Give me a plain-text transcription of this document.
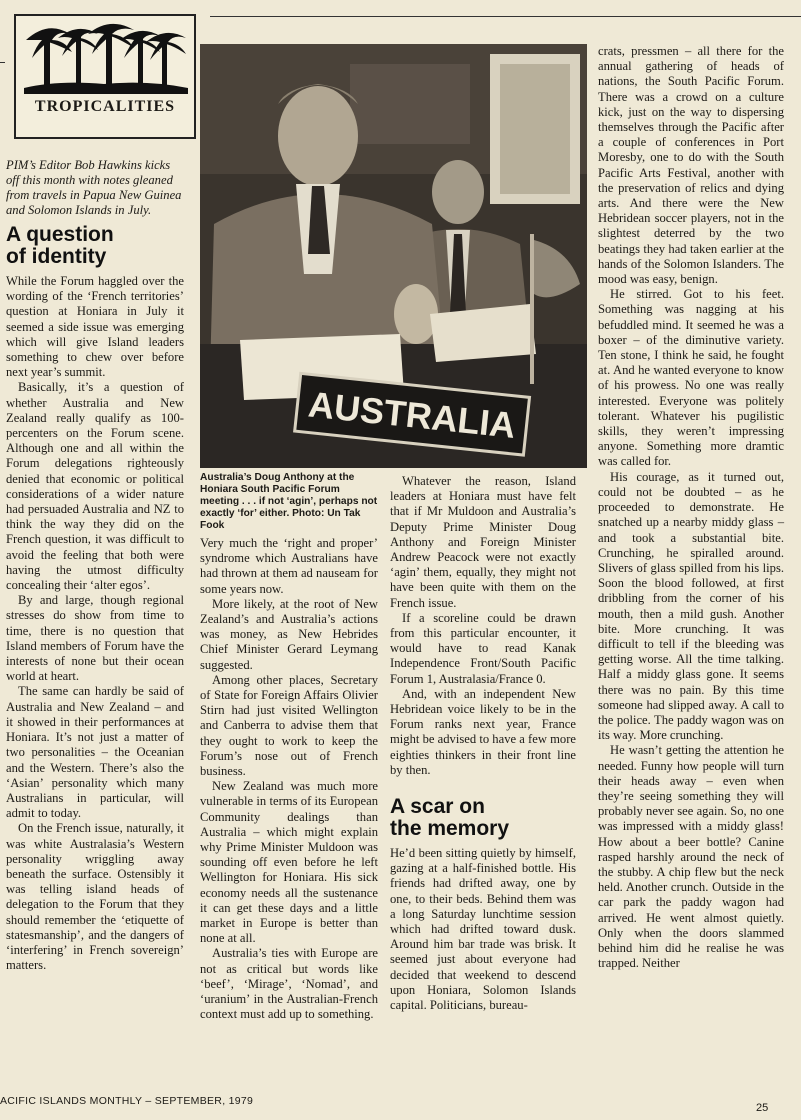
TROPICALITIES

PIM’s Editor Bob Hawkins kicks off this month with notes gleaned from travels in Papua New Guinea and Solomon Islands in July.

A question
of identity

While the Forum haggled over the wording of the ‘French territories’ question at Honiara in July it seemed a side issue was emerging which will give Island leaders something to chew over before next year’s summit.

Basically, it’s a question of whether Australia and New Zealand really qualify as 100-percenters on the Forum scene. Although one and all within the Forum delegations righteously denied that economic or political considerations of a wider nature had persuaded Australia and NZ to think the way they did on the French question, it was difficult to avoid the feeling that both were having the utmost difficulty concealing their ‘alter egos’.

By and large, though regional stresses do show from time to time, there is no question that Island members of Forum have the interests of none but their ocean world at heart.

The same can hardly be said of Australia and New Zealand – and it showed in their performances at Honiara. It’s not just a matter of two personalities – the Oceanian and the Western. There’s also the ‘Asian’ personality which many Australians in particular, will admit to today.

On the French issue, naturally, it was white Australasia’s Western personality wriggling away beneath the surface. Ostensibly it was telling island heads of delegation to the Forum that they should remember the ‘etiquette of statesmanship’, and the dangers of ‘interfering’ in French sovereign’ matters.

AUSTRALIA

Australia’s Doug Anthony at the Honiara South Pacific Forum meeting . . . if not ‘agin’, perhaps not exactly ‘for’ either. Photo: Un Tak Fook

Very much the ‘right and proper’ syndrome which Australians have had thrown at them ad nauseam for some years now.

More likely, at the root of New Zealand’s and Australia’s actions was money, as New Hebrides Chief Minister Gerard Leymang suggested.

Among other places, Secretary of State for Foreign Affairs Olivier Stirn had just visited Wellington and Canberra to advise them that they ought to work to keep the Forum’s nose out of French business.

New Zealand was much more vulnerable in terms of its European Community dealings than Australia – which might explain why Prime Minister Muldoon was sounding off even before he left Wellington for Honiara. His sick economy needs all the sustenance it can get these days and a little market in Europe is better than none at all.

Australia’s ties with Europe are not as critical but words like ‘beef’, ‘Mirage’, ‘Nomad’, and ‘uranium’ in the Australian-French context must add up to something.

Whatever the reason, Island leaders at Honiara must have felt that if Mr Muldoon and Australia’s Deputy Prime Minister Doug Anthony and Foreign Minister Andrew Peacock were not exactly ‘agin’ them, equally, they might not have been quite with them on the French issue.

If a scoreline could be drawn from this particular encounter, it would have to read Kanak Independence Front/South Pacific Forum 1, Australasia/France 0.

And, with an independent New Hebridean voice likely to be in the Forum ranks next year, France might be advised to have a few more eighties thinkers in their front line by then.

A scar on
the memory

He’d been sitting quietly by himself, gazing at a half-finished bottle. His friends had drifted away, one by one, to their beds. Behind them was a long Saturday lunchtime session which had drifted toward dusk. Around him bar trade was brisk. It seemed just about everyone had decided that weekend to descend upon Honiara, Solomon Islands capital. Politicians, bureau-

crats, pressmen – all there for the annual gathering of heads of nations, the South Pacific Forum. There was a crowd on a culture kick, just on the way to dispersing themselves through the Pacific after a couple of conferences in Port Moresby, one to do with the South Pacific Arts Festival, another with the preservation of relics and dying arts. And there were the New Hebridean soccer players, not in the slightest deterred by the two beatings they had taken earlier at the hands of the Solomon Islanders. The mood was easy, benign.

He stirred. Got to his feet. Something was nagging at his befuddled mind. It seemed he was a boxer – of the diminutive variety. Ten stone, I think he said, he fought at. And he wanted everyone to know of his prowess. No one was really interested. Everyone was politely tolerant. Whatever his pugilistic skills, they weren’t impressing anyone. Something more dramtic was called for.

His courage, as it turned out, could not be doubted – as he proceeded to demonstrate. He snatched up a nearby middy glass – and took a substantial bite. Crunching, he spiralled around. Slivers of glass spilled from his lips. Soon the blood followed, at first dribbling from the corner of his mouth, then a mild gush. Another bite. More crunching. It was difficult to tell if the bleeding was getting worse. All the time talking. Half a middy glass gone. It seems there was no pain. By this time someone had slipped away. A call to the police. The paddy wagon was on its way. More crunching.

He wasn’t getting the attention he needed. Funny how people will turn their heads away – even when they’re seeing something they will probably never see again. So, no one was impressed with a middy glass! How about a beer bottle? Canine rasped harshly around the neck of the stubby. A chip flew but the neck held. Another crunch. Outside in the car park the paddy wagon had arrived. He went almost quietly. Only when the doors slammed behind him did he realise he was trapped. Neither

ACIFIC ISLANDS MONTHLY – SEPTEMBER, 1979
25
